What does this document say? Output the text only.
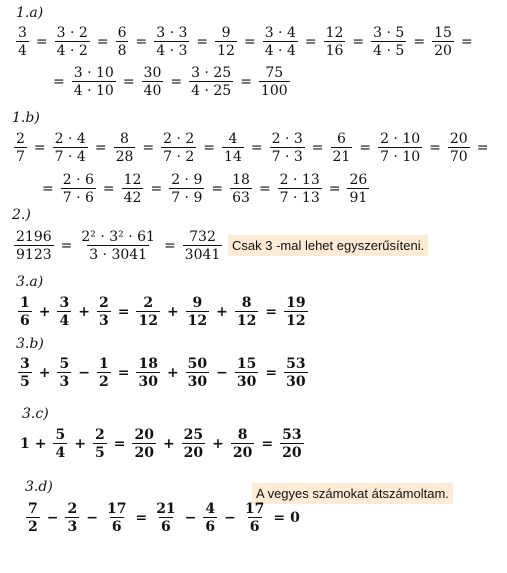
1.a)
$\frac{3}{4} = \frac{3 \cdot 2}{4 \cdot 2} = \frac{6}{8} = \frac{3 \cdot 3}{4 \cdot 3} = \frac{9}{12} = \frac{3 \cdot 4}{4 \cdot 4} = \frac{12}{16} = \frac{3 \cdot 5}{4 \cdot 5} = \frac{15}{20}$ =
= $\frac{3 \cdot 10}{4 \cdot 10} = \frac{30}{40} = \frac{3 \cdot 25}{4 \cdot 25} = \frac{75}{100}$
1.b)
$\frac{2}{7} = \frac{2 \cdot 4}{7 \cdot 4} = \frac{8}{28} = \frac{2 \cdot 2}{7 \cdot 2} = \frac{4}{14} = \frac{2 \cdot 3}{7 \cdot 3} = \frac{6}{21} = \frac{2 \cdot 10}{7 \cdot 10} = \frac{20}{70}$ =
= $\frac{2 \cdot 6}{7 \cdot 6} = \frac{12}{42} = \frac{2 \cdot 9}{7 \cdot 9} = \frac{18}{63} = \frac{2 \cdot 13}{7 \cdot 13} = \frac{26}{91}$
2.)
$\frac{2196}{9123} = \frac{\text{2² · 3² · 61}}{3 \cdot 3041} = \frac{732}{3041}$ Csak 3 -mal lehet egyszerűsíteni.
3.a)
$\frac{1}{6} + \frac{3}{4} + \frac{2}{3} = \frac{2}{12} + \frac{9}{12} + \frac{8}{12} = \frac{19}{12}$
3.b)
$\frac{3}{5} + \frac{5}{3} - \frac{1}{2} = \frac{18}{30} + \frac{50}{30} - \frac{15}{30} = \frac{53}{30}$
3.c)
$1 + \frac{5}{4} + \frac{2}{5} = \frac{20}{20} + \frac{25}{20} + \frac{8}{20} = \frac{53}{20}$
3.d)	A vegyes számokat átszámoltam.
$\frac{7}{2} - \frac{2}{3} - \frac{17}{6} = \frac{21}{6} - \frac{4}{6} - \frac{17}{6} = 0$
